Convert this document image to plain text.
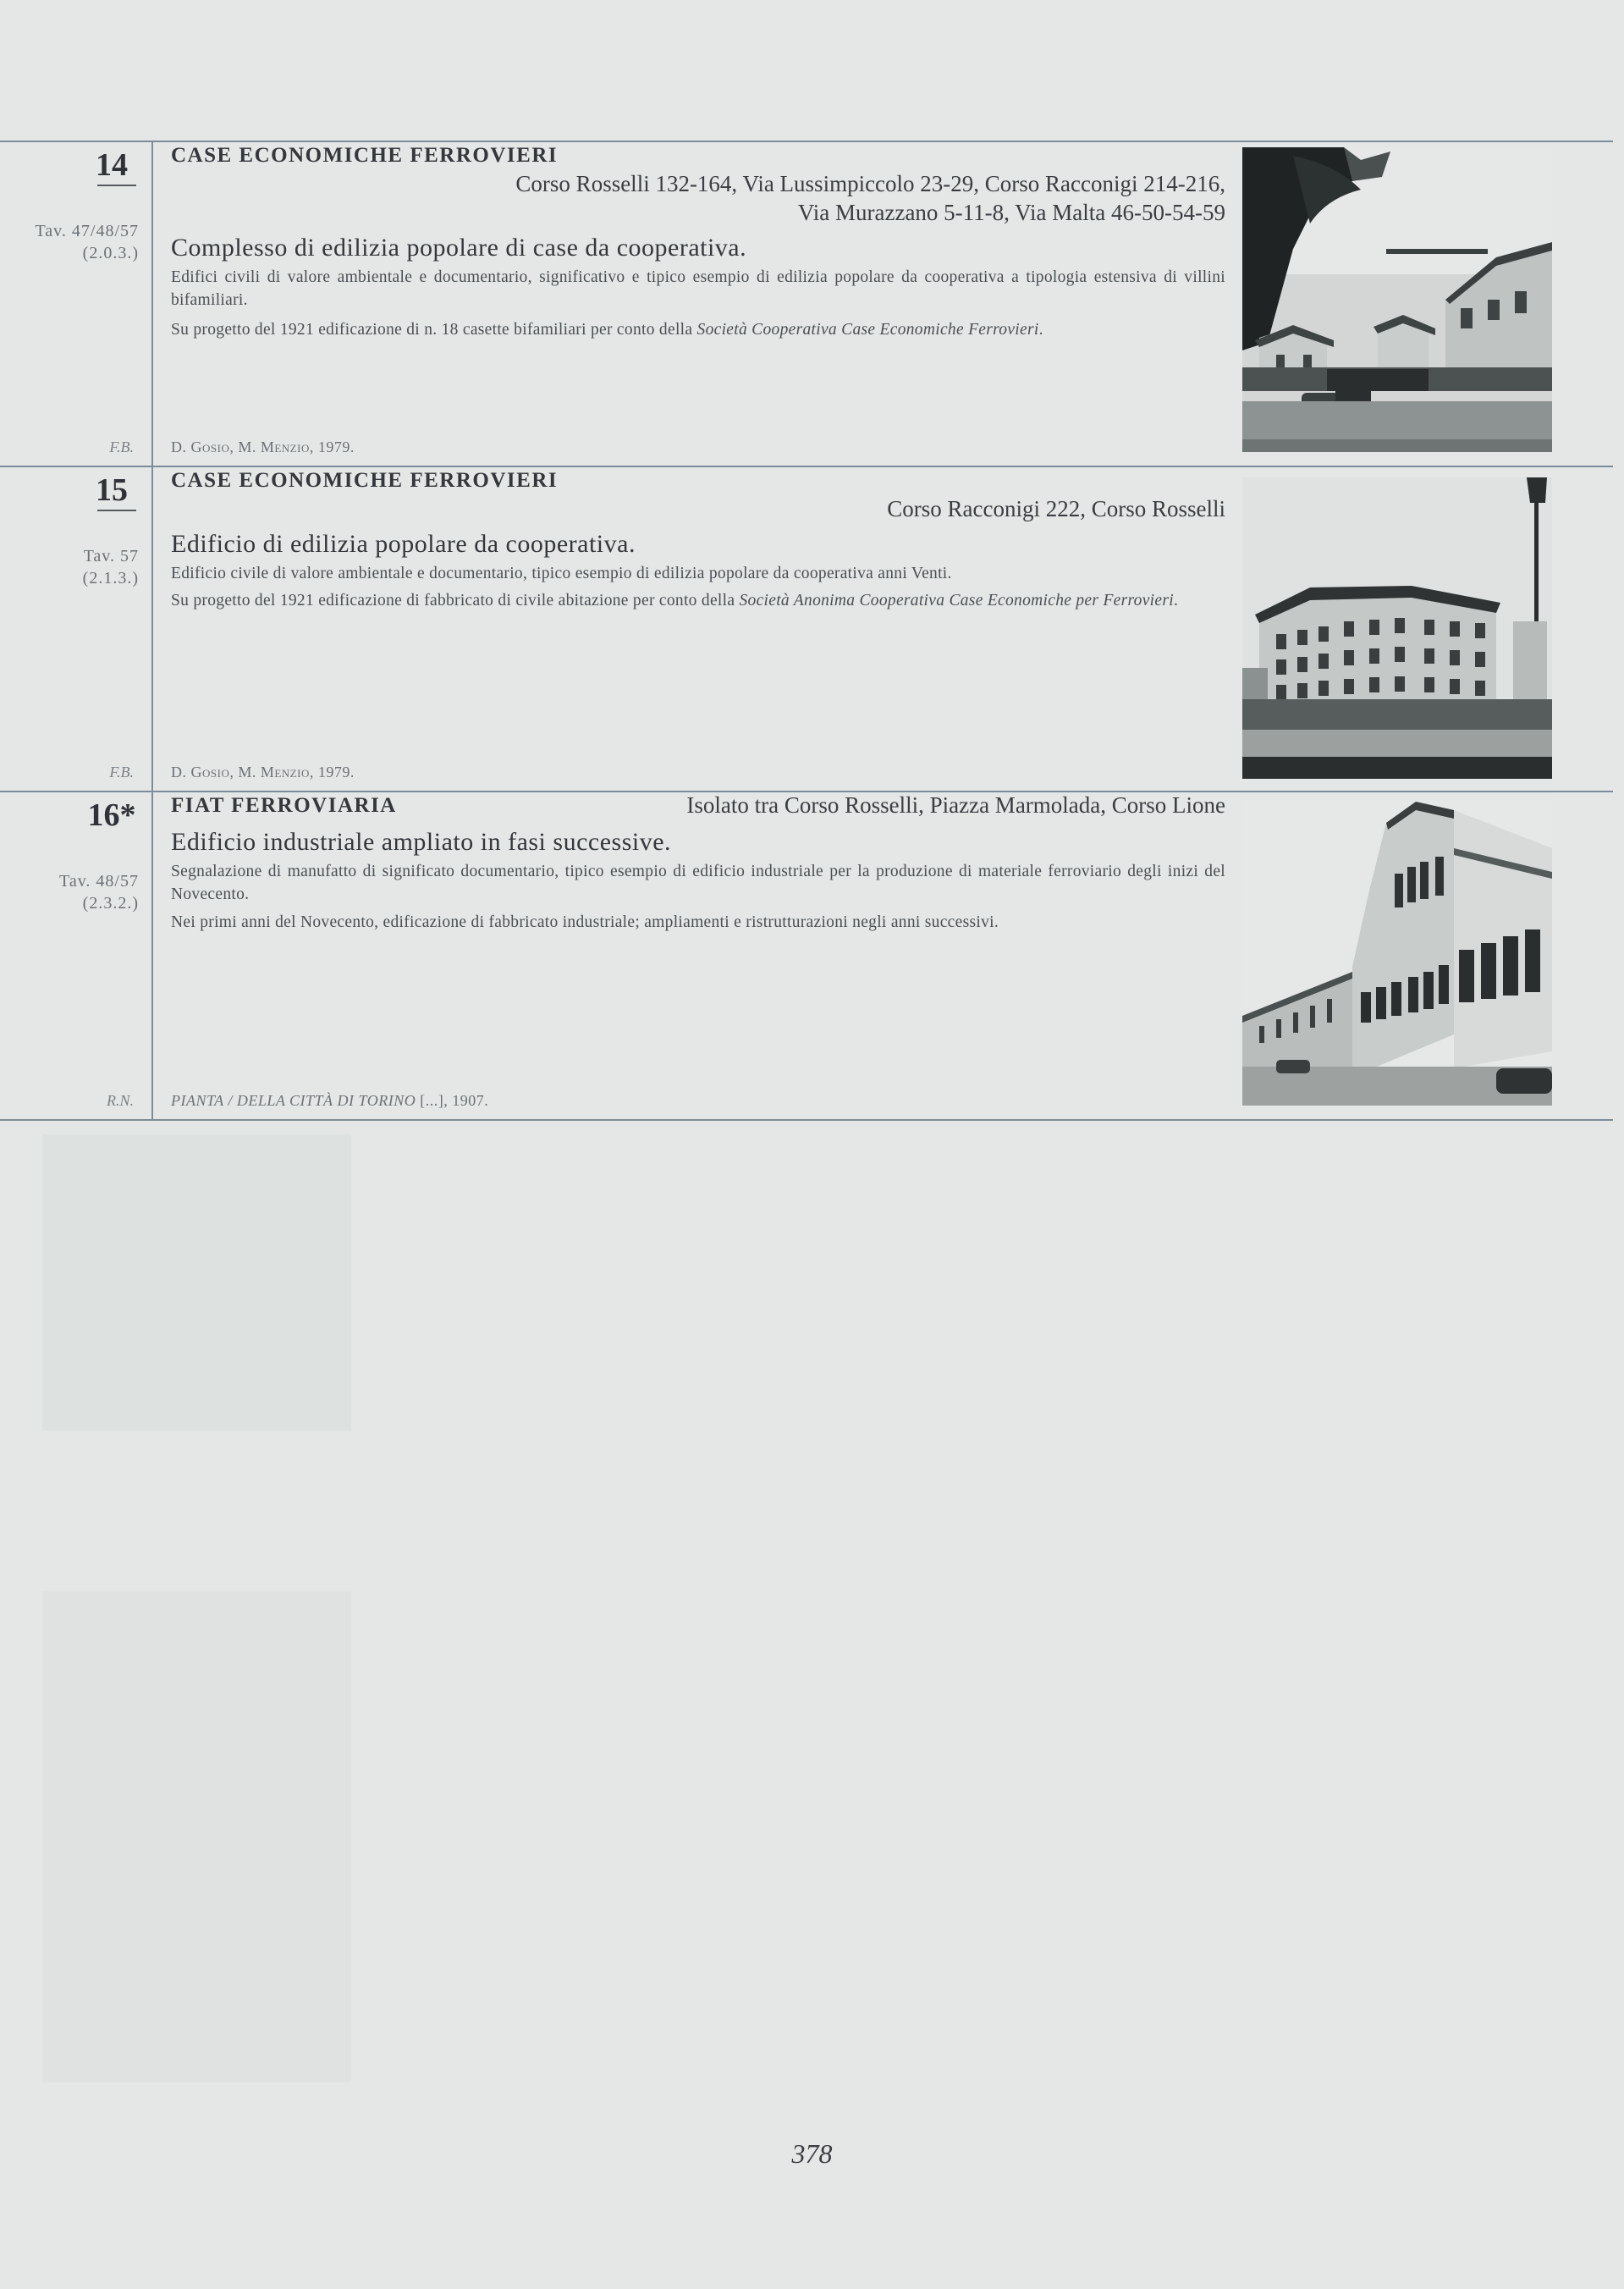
14
Tav. 47/48/57
(2.0.3.)
F.B.
CASE ECONOMICHE FERROVIERI
Corso Rosselli 132-164, Via Lussimpiccolo 23-29, Corso Racconigi 214-216,
Via Murazzano 5-11-8, Via Malta 46-50-54-59
Complesso di edilizia popolare di case da cooperativa.
Edifici civili di valore ambientale e documentario, significativo e tipico esempio di edilizia popolare da cooperativa a tipologia estensiva di villini bifamiliari.
Su progetto del 1921 edificazione di n. 18 casette bifamiliari per conto della Società Cooperativa Case Economiche Ferrovieri.
D. Gosio, M. Menzio, 1979.
15
Tav. 57
(2.1.3.)
F.B.
CASE ECONOMICHE FERROVIERI
Corso Racconigi 222, Corso Rosselli
Edificio di edilizia popolare da cooperativa.
Edificio civile di valore ambientale e documentario, tipico esempio di edilizia popolare da cooperativa anni Venti.
Su progetto del 1921 edificazione di fabbricato di civile abitazione per conto della Società Anonima Cooperativa Case Economiche per Ferrovieri.
D. Gosio, M. Menzio, 1979.
16*
Tav. 48/57
(2.3.2.)
R.N.
FIAT FERROVIARIA	Isolato tra Corso Rosselli, Piazza Marmolada, Corso Lione
Edificio industriale ampliato in fasi successive.
Segnalazione di manufatto di significato documentario, tipico esempio di edificio industriale per la produzione di materiale ferroviario degli inizi del Novecento.
Nei primi anni del Novecento, edificazione di fabbricato industriale; ampliamenti e ristrutturazioni negli anni successivi.
PIANTA / DELLA CITTÀ DI TORINO [...], 1907.
378
